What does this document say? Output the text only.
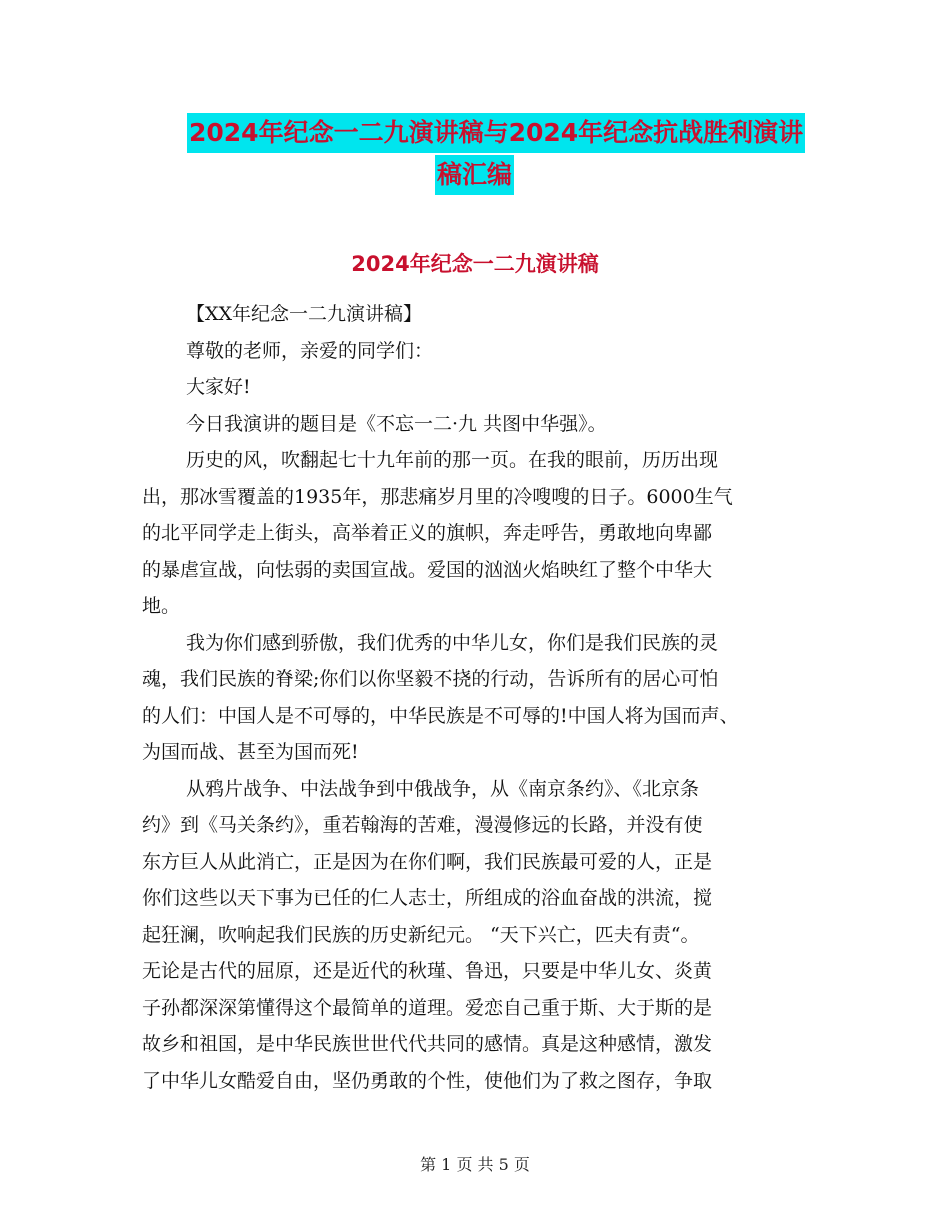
2024年纪念一二九演讲稿与2024年纪念抗战胜利演讲
稿汇编
2024年纪念一二九演讲稿
【XX年纪念一二九演讲稿】
尊敬的老师，亲爱的同学们：
大家好!
今日我演讲的题目是《不忘一二·九 共图中华强》。
历史的风，吹翻起七十九年前的那一页。在我的眼前，历历出现
出，那冰雪覆盖的1935年，那悲痛岁月里的冷嗖嗖的日子。6000生气
的北平同学走上街头，高举着正义的旗帜，奔走呼告，勇敢地向卑鄙
的暴虐宣战，向怯弱的卖国宣战。爱国的汹汹火焰映红了整个中华大
地。
我为你们感到骄傲，我们优秀的中华儿女，你们是我们民族的灵
魂，我们民族的脊梁;你们以你坚毅不挠的行动，告诉所有的居心可怕
的人们：中国人是不可辱的，中华民族是不可辱的!中国人将为国而声、
为国而战、甚至为国而死!
从鸦片战争、中法战争到中俄战争，从《南京条约》、《北京条
约》到《马关条约》，重若翰海的苦难，漫漫修远的长路，并没有使
东方巨人从此消亡，正是因为在你们啊，我们民族最可爱的人，正是
你们这些以天下事为已任的仁人志士，所组成的浴血奋战的洪流，搅
起狂澜，吹响起我们民族的历史新纪元。 “天下兴亡，匹夫有责“。
无论是古代的屈原，还是近代的秋瑾、鲁迅，只要是中华儿女、炎黄
子孙都深深第懂得这个最简单的道理。爱恋自己重于斯、大于斯的是
故乡和祖国，是中华民族世世代代共同的感情。真是这种感情，激发
了中华儿女酷爱自由，坚仍勇敢的个性，使他们为了救之图存，争取
第 1 页 共 5 页
